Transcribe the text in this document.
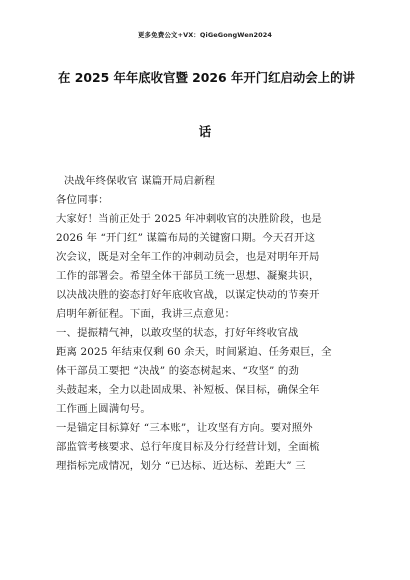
更多免费公文+VX：QiGeGongWen2024
在 2025 年年底收官暨 2026 年开门红启动会上的讲
话
决战年终保收官 谋篇开局启新程
各位同事：
大家好！当前正处于 2025 年冲刺收官的决胜阶段，也是
2026 年 “开门红” 谋篇布局的关键窗口期。今天召开这
次会议，既是对全年工作的冲刺动员会，也是对明年开局
工作的部署会。希望全体干部员工统一思想、凝聚共识，
以决战决胜的姿态打好年底收官战，以谋定快动的节奏开
启明年新征程。下面，我讲三点意见：
一、提振精气神，以敢攻坚的状态，打好年终收官战
距离 2025 年结束仅剩 60 余天，时间紧迫、任务艰巨，全
体干部员工要把 “决战” 的姿态树起来、“攻坚” 的劲
头鼓起来，全力以赴固成果、补短板、保目标，确保全年
工作画上圆满句号。
一是锚定目标算好 “三本账”，让攻坚有方向。要对照外
部监管考核要求、总行年度目标及分行经营计划，全面梳
理指标完成情况，划分 “已达标、近达标、差距大” 三
